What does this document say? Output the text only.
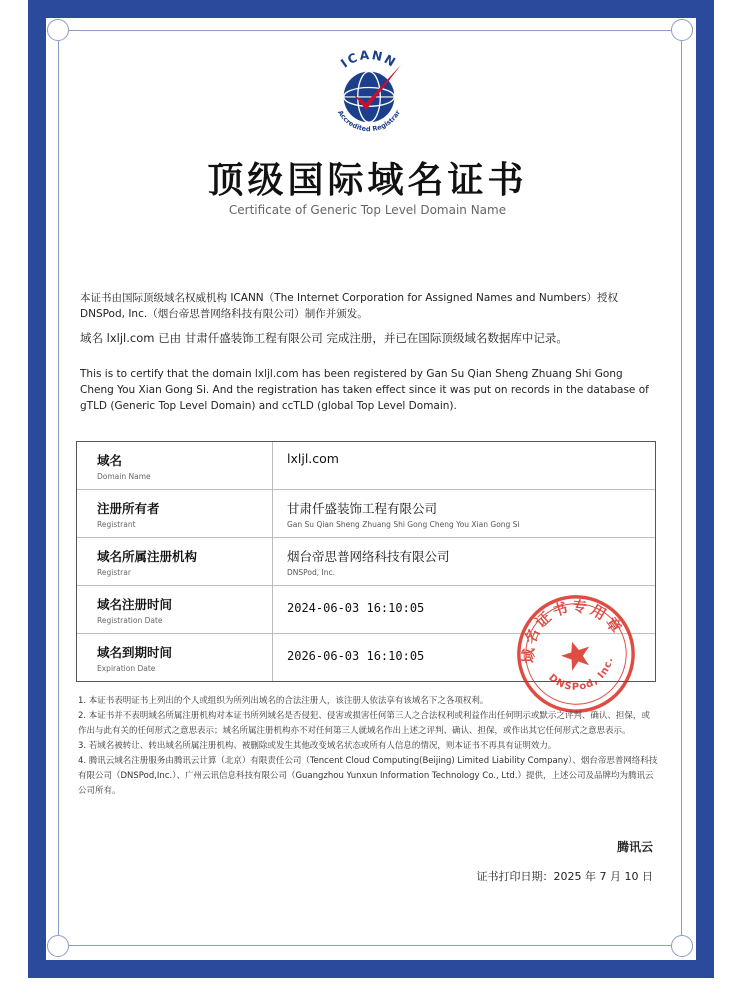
ICANN
Accredited Registrar
顶级国际域名证书

Certificate of Generic Top Level Domain Name

本证书由国际顶级域名权威机构 ICANN（The Internet Corporation for Assigned Names and Numbers）授权 DNSPod, Inc.（烟台帝思普网络科技有限公司）制作并颁发。

域名 lxljl.com 已由 甘肃仟盛装饰工程有限公司 完成注册，并已在国际顶级域名数据库中记录。

This is to certify that the domain lxljl.com has been registered by Gan Su Qian Sheng Zhuang Shi Gong Cheng You Xian Gong Si. And the registration has taken effect since it was put on records in the database of gTLD (Generic Top Level Domain) and ccTLD (global Top Level Domain).

域名
Domain Name
lxljl.com
注册所有者
Registrant
甘肃仟盛装饰工程有限公司
Gan Su Qian Sheng Zhuang Shi Gong Cheng You Xian Gong Si
域名所属注册机构
Registrar
烟台帝思普网络科技有限公司
DNSPod, Inc.
域名注册时间
Registration Date
2024-06-03 16:10:05
域名到期时间
Expiration Date
2026-06-03 16:10:05	域名证书专用章
DNSPod, Inc.
1. 本证书表明证书上列出的个人或组织为所列出域名的合法注册人，该注册人依法享有该域名下之各项权利。
2. 本证书并不表明域名所属注册机构对本证书所列域名是否侵犯、侵害或损害任何第三人之合法权利或利益作出任何明示或默示之评判、确认、担保，或作出与此有关的任何形式之意思表示；域名所属注册机构亦不对任何第三人就域名作出上述之评判、确认、担保，或作出其它任何形式之意思表示。
3. 若域名被转让、转出域名所属注册机构、被删除或发生其他改变域名状态或所有人信息的情况，则本证书不再具有证明效力。
4. 腾讯云域名注册服务由腾讯云计算（北京）有限责任公司（Tencent Cloud Computing(Beijing) Limited Liability Company）、烟台帝思普网络科技有限公司（DNSPod,Inc.）、广州云讯信息科技有限公司（Guangzhou Yunxun Information Technology Co., Ltd.）提供，上述公司及品牌均为腾讯云公司所有。
腾讯云
证书打印日期：2025 年 7 月 10 日
